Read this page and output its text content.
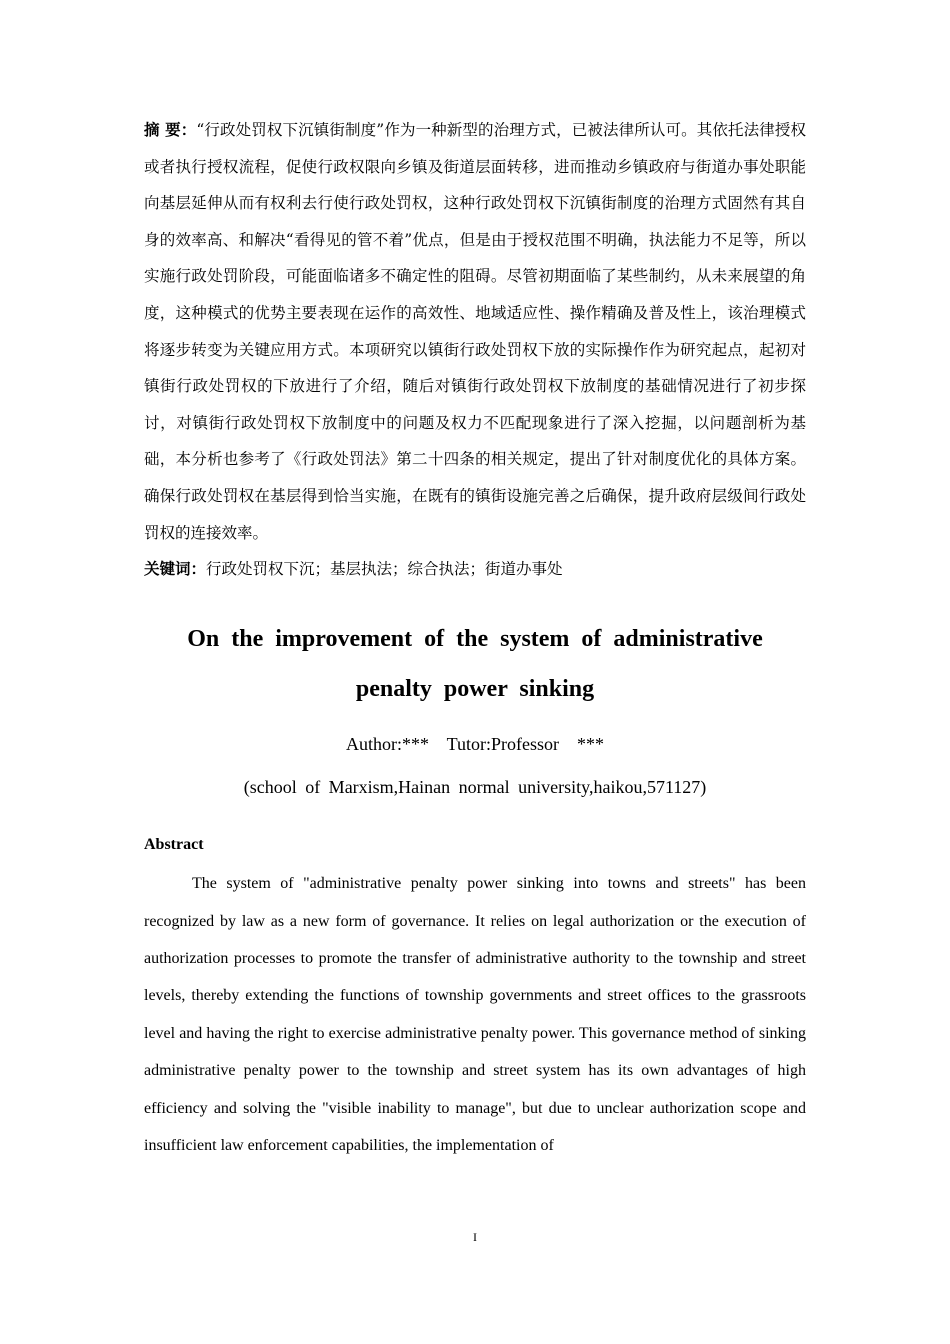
摘 要：“行政处罚权下沉镇街制度”作为一种新型的治理方式，已被法律所认可。其依托法律授权或者执行授权流程，促使行政权限向乡镇及街道层面转移，进而推动乡镇政府与街道办事处职能向基层延伸从而有权利去行使行政处罚权，这种行政处罚权下沉镇街制度的治理方式固然有其自身的效率高、和解决“看得见的管不着”优点，但是由于授权范围不明确，执法能力不足等，所以实施行政处罚阶段，可能面临诸多不确定性的阻碍。尽管初期面临了某些制约，从未来展望的角度，这种模式的优势主要表现在运作的高效性、地域适应性、操作精确及普及性上，该治理模式将逐步转变为关键应用方式。本项研究以镇街行政处罚权下放的实际操作作为研究起点，起初对镇街行政处罚权的下放进行了介绍，随后对镇街行政处罚权下放制度的基础情况进行了初步探讨，对镇街行政处罚权下放制度中的问题及权力不匹配现象进行了深入挖掘，以问题剖析为基础，本分析也参考了《行政处罚法》第二十四条的相关规定，提出了针对制度优化的具体方案。确保行政处罚权在基层得到恰当实施，在既有的镇街设施完善之后确保，提升政府层级间行政处罚权的连接效率。

关键词：行政处罚权下沉；基层执法；综合执法；街道办事处

On the improvement of the system of administrative
penalty power sinking
Author:***    Tutor:Professor    ***
(school of Marxism,Hainan normal university,haikou,571127)
Abstract

The system of "administrative penalty power sinking into towns and streets" has been recognized by law as a new form of governance. It relies on legal authorization or the execution of authorization processes to promote the transfer of administrative authority to the township and street levels, thereby extending the functions of township governments and street offices to the grassroots level and having the right to exercise administrative penalty power. This governance method of sinking administrative penalty power to the township and street system has its own advantages of high efficiency and solving the "visible inability to manage", but due to unclear authorization scope and insufficient law enforcement capabilities, the implementation of

I
